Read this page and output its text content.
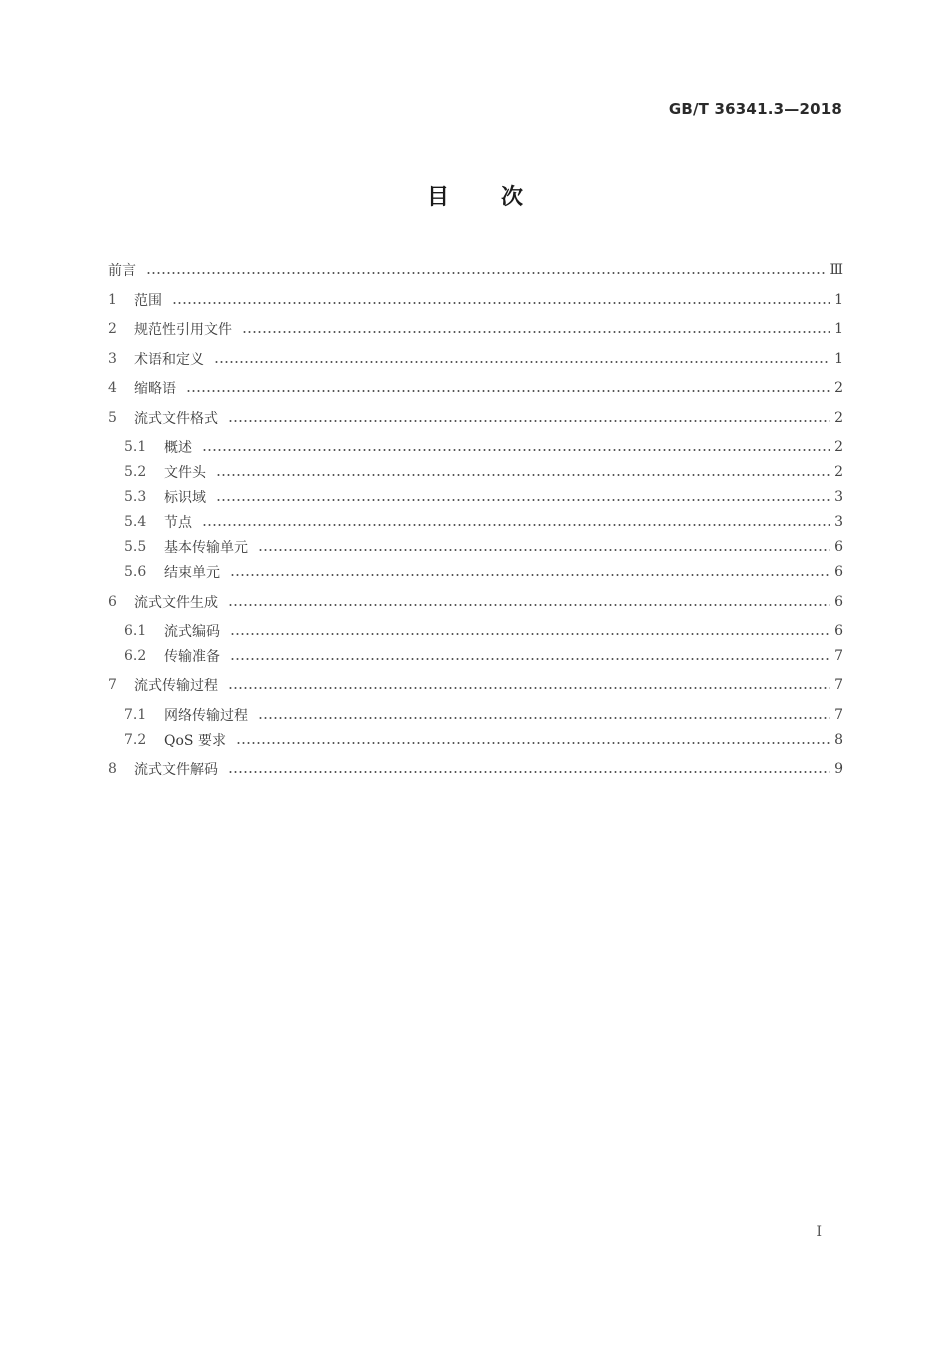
GB/T 36341.3—2018
目 次
前言	Ⅲ
1	范围	1
2	规范性引用文件	1
3	术语和定义	1
4	缩略语	2
5	流式文件格式	2
5.1	概述	2
5.2	文件头	2
5.3	标识域	3
5.4	节点	3
5.5	基本传输单元	6
5.6	结束单元	6
6	流式文件生成	6
6.1	流式编码	6
6.2	传输准备	7
7	流式传输过程	7
7.1	网络传输过程	7
7.2	QoS 要求	8
8	流式文件解码	9
I
